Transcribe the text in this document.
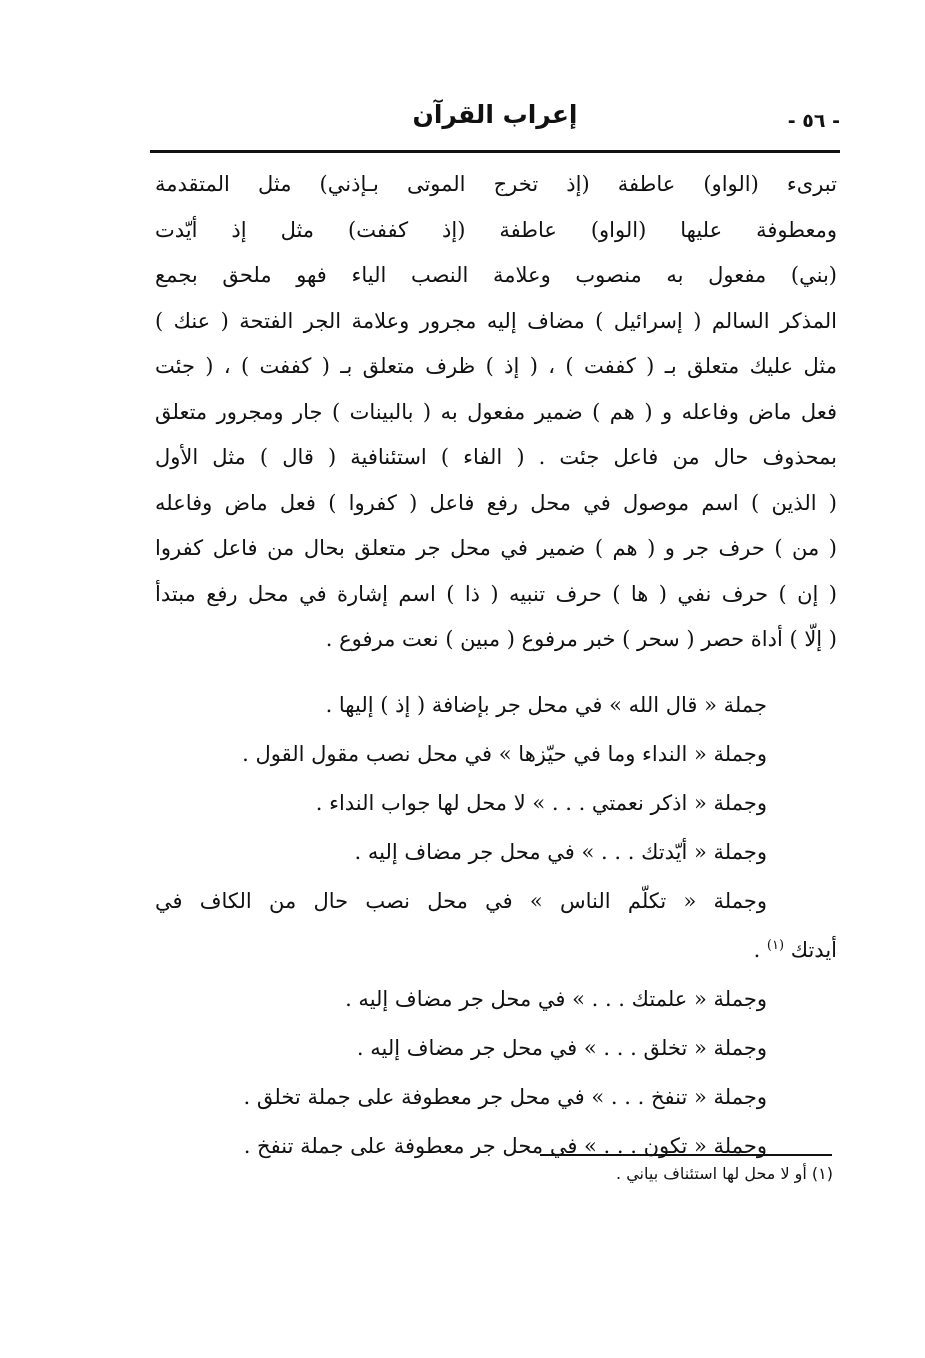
إعراب القرآن	- ٥٦ -

تبرىء (الواو) عاطفة (إذ تخرج الموتى بـإذني) مثل المتقدمة

ومعطوفة عليها (الواو) عاطفة (إذ كففت) مثل إذ أيّدت

(بني) مفعول به منصوب وعلامة النصب الياء فهو ملحق بجمع

المذكر السالم ( إسرائيل ) مضاف إليه مجرور وعلامة الجر الفتحة ( عنك )

مثل عليك متعلق بـ ( كففت ) ، ( إذ ) ظرف متعلق بـ ( كففت ) ، ( جئت

فعل ماض وفاعله و ( هم ) ضمير مفعول به ( بالبينات ) جار ومجرور متعلق

بمحذوف حال من فاعل جئت . ( الفاء ) استئنافية ( قال ) مثل الأول

( الذين ) اسم موصول في محل رفع فاعل ( كفروا ) فعل ماض وفاعله

( من ) حرف جر و ( هم ) ضمير في محل جر متعلق بحال من فاعل كفروا

( إن ) حرف نفي ( ها ) حرف تنبيه ( ذا ) اسم إشارة في محل رفع مبتدأ

( إلّا ) أداة حصر ( سحر ) خبر مرفوع ( مبين ) نعت مرفوع .

جملة « قال الله » في محل جر بإضافة ( إذ ) إليها .

وجملة « النداء وما في حيّزها » في محل نصب مقول القول .

وجملة « اذكر نعمتي . . . » لا محل لها جواب النداء .

وجملة « أيّدتك . . . » في محل جر مضاف إليه .

وجملة « تكلّم الناس » في محل نصب حال من الكاف في

أيدتك $^{(١)}$ .

وجملة « علمتك . . . » في محل جر مضاف إليه .

وجملة « تخلق . . . » في محل جر مضاف إليه .

وجملة « تنفخ . . . » في محل جر معطوفة على جملة تخلق .

وجملة « تكون . . . » في محل جر معطوفة على جملة تنفخ .

(١) أو لا محل لها استئناف بياني .
